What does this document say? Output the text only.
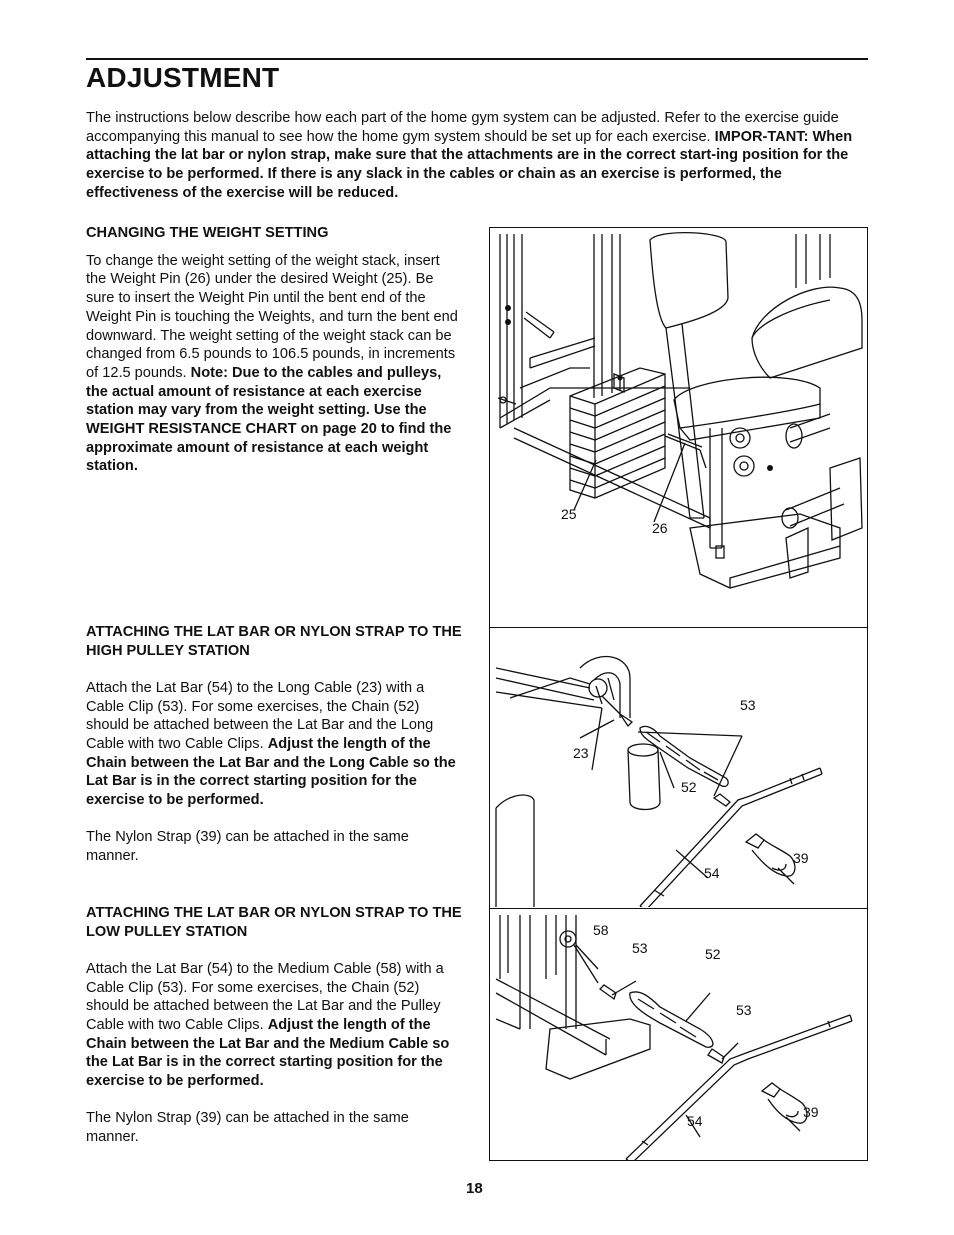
ADJUSTMENT

The instructions below describe how each part of the home gym system can be adjusted. Refer to the exercise guide accompanying this manual to see how the home gym system should be set up for each exercise. IMPOR-TANT: When attaching the lat bar or nylon strap, make sure that the attachments are in the correct start-ing position for the exercise to be performed. If there is any slack in the cables or chain as an exercise is performed, the effectiveness of the exercise will be reduced.

CHANGING THE WEIGHT SETTING

To change the weight setting of the weight stack, insert the Weight Pin (26) under the desired Weight (25). Be sure to insert the Weight Pin until the bent end of the Weight Pin is touching the Weights, and turn the bent end downward. The weight setting of the weight stack can be changed from 6.5 pounds to 106.5 pounds, in increments of 12.5 pounds. Note: Due to the cables and pulleys, the actual amount of resistance at each exercise station may vary from the weight setting. Use the WEIGHT RESISTANCE CHART on page 20 to find the approximate amount of resistance at each weight station.

ATTACHING THE LAT BAR OR NYLON STRAP TO THE HIGH PULLEY STATION

Attach the Lat Bar (54) to the Long Cable (23) with a Cable Clip (53). For some exercises, the Chain (52) should be attached between the Lat Bar and the Long Cable with two Cable Clips. Adjust the length of the Chain between the Lat Bar and the Long Cable so the Lat Bar is in the correct starting position for the exercise to be performed.

The Nylon Strap (39) can be attached in the same manner.

ATTACHING THE LAT BAR OR NYLON STRAP TO THE LOW PULLEY STATION

Attach the Lat Bar (54) to the Medium Cable (58) with a Cable Clip (53). For some exercises, the Chain (52) should be attached between the Lat Bar and the Pulley Cable with two Cable Clips. Adjust the length of the Chain between the Lat Bar and the Medium Cable so the Lat Bar is in the correct starting position for the exercise to be performed.

The Nylon Strap (39) can be attached in the same manner.

25
26
53
23
52
54
39
58
53	52
53
54
39
18
